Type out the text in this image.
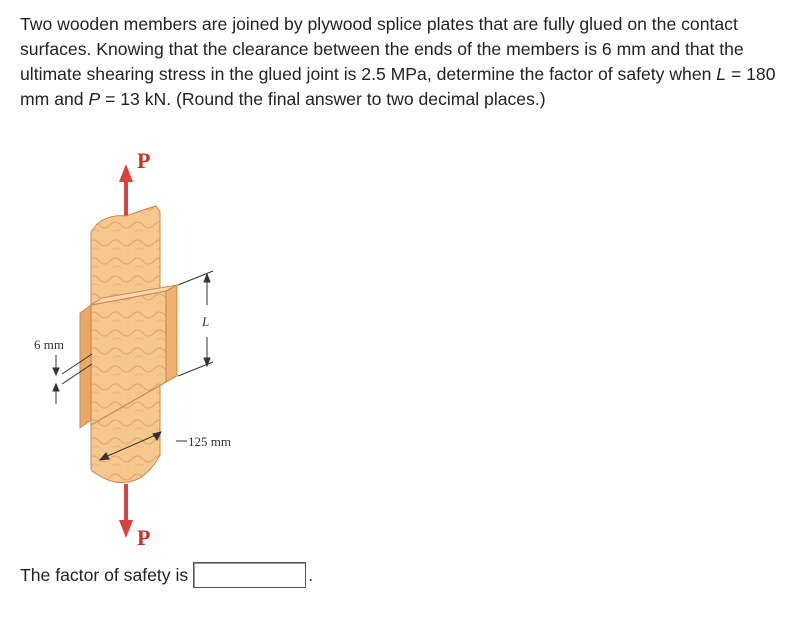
Two wooden members are joined by plywood splice plates that are fully glued on the contact surfaces. Knowing that the clearance between the ends of the members is 6 mm and that the ultimate shearing stress in the glued joint is 2.5 MPa, determine the factor of safety when L = 180 mm and P = 13 kN. (Round the final answer to two decimal places.)

P
P
6 mm
L
125 mm
The factor of safety is	.
